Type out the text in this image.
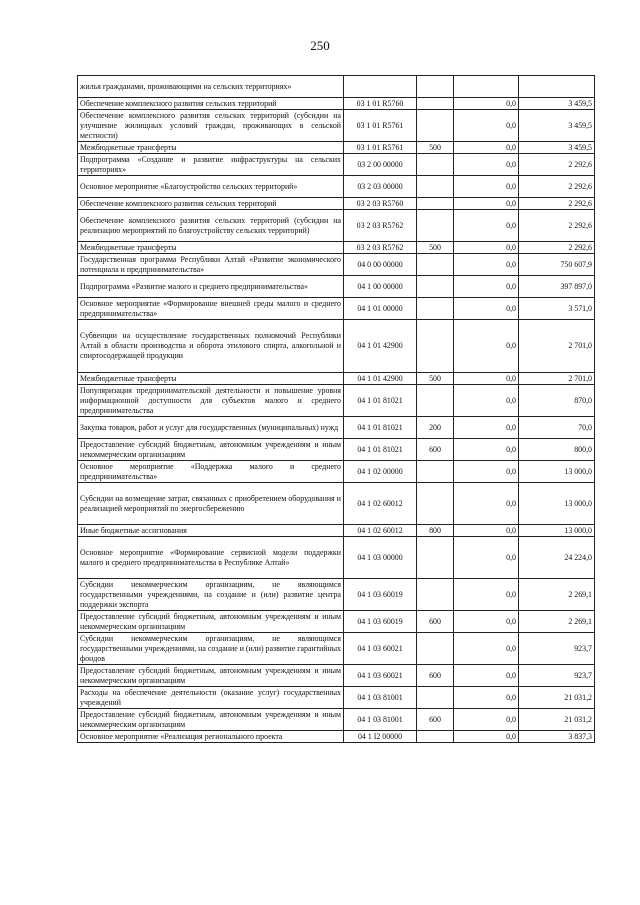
250
жилья гражданами, проживающими на сельских территориях»				
Обеспечение комплексного развития сельских территорий	03 1 01 R5760		0,0	3 459,5
Обеспечение комплексного развития сельских территорий (субсидии на улучшение жилищных условий граждан, проживающих в сельской местности)	03 1 01 R5761		0,0	3 459,5
Межбюджетные трансферты	03 1 01 R5761	500	0,0	3 459,5
Подпрограмма «Создание и развитие инфраструктуры на сельских территориях»	03 2 00 00000		0,0	2 292,6
Основное мероприятие «Благоустройство сельских территорий»	03 2 03 00000		0,0	2 292,6
Обеспечение комплексного развития сельских территорий	03 2 03 R5760		0,0	2 292,6
Обеспечение комплексного развития сельских территорий (субсидии на реализацию мероприятий по благоустройству сельских территорий)	03 2 03 R5762		0,0	2 292,6
Межбюджетные трансферты	03 2 03 R5762	500	0,0	2 292,6
Государственная программа Республики Алтай «Развитие экономического потенциала и предпринимательства»	04 0 00 00000		0,0	750 607,9
Подпрограмма «Развитие малого и среднего предпринимательства»	04 1 00 00000		0,0	397 897,0
Основное мероприятие «Формирование внешней среды малого и среднего предпринимательства»	04 1 01 00000		0,0	3 571,0
Субвенции на осуществление государственных полномочий Республики Алтай в области производства и оборота этилового спирта, алкогольной и спиртосодержащей продукции	04 1 01 42900		0,0	2 701,0
Межбюджетные трансферты	04 1 01 42900	500	0,0	2 701,0
Популяризация предпринимательской деятельности и повышение уровня информационной доступности для субъектов малого и среднего предпринимательства	04 1 01 81021		0,0	870,0
Закупка товаров, работ и услуг для государственных (муниципальных) нужд	04 1 01 81021	200	0,0	70,0
Предоставление субсидий бюджетным, автономным учреждениям и иным некоммерческим организациям	04 1 01 81021	600	0,0	800,0
Основное мероприятие «Поддержка малого и среднего предпринимательства»	04 1 02 00000		0,0	13 000,0
Субсидии на возмещение затрат, связанных с приобретением оборудования и реализацией мероприятий по энергосбережению	04 1 02 60012		0,0	13 000,0
Иные бюджетные ассигнования	04 1 02 60012	800	0,0	13 000,0
Основное мероприятие «Формирование сервисной модели поддержки малого и среднего предпринимательства в Республике Алтай»	04 1 03 00000		0,0	24 224,0
Субсидии некоммерческим организациям, не являющимся государственными учреждениями, на создание и (или) развитие центра поддержки экспорта	04 1 03 60019		0,0	2 269,1
Предоставление субсидий бюджетным, автономным учреждениям и иным некоммерческим организациям	04 1 03 60019	600	0,0	2 269,1
Субсидии некоммерческим организациям, не являющимся государственными учреждениями, на создание и (или) развитие гарантийных фондов	04 1 03 60021		0,0	923,7
Предоставление субсидий бюджетным, автономным учреждениям и иным некоммерческим организациям	04 1 03 60021	600	0,0	923,7
Расходы на обеспечение деятельности (оказание услуг) государственных учреждений	04 1 03 81001		0,0	21 031,2
Предоставление субсидий бюджетным, автономным учреждениям и иным некоммерческим организациям	04 1 03 81001	600	0,0	21 031,2
Основное мероприятие «Реализация регионального проекта	04 1 I2 00000		0,0	3 837,3
